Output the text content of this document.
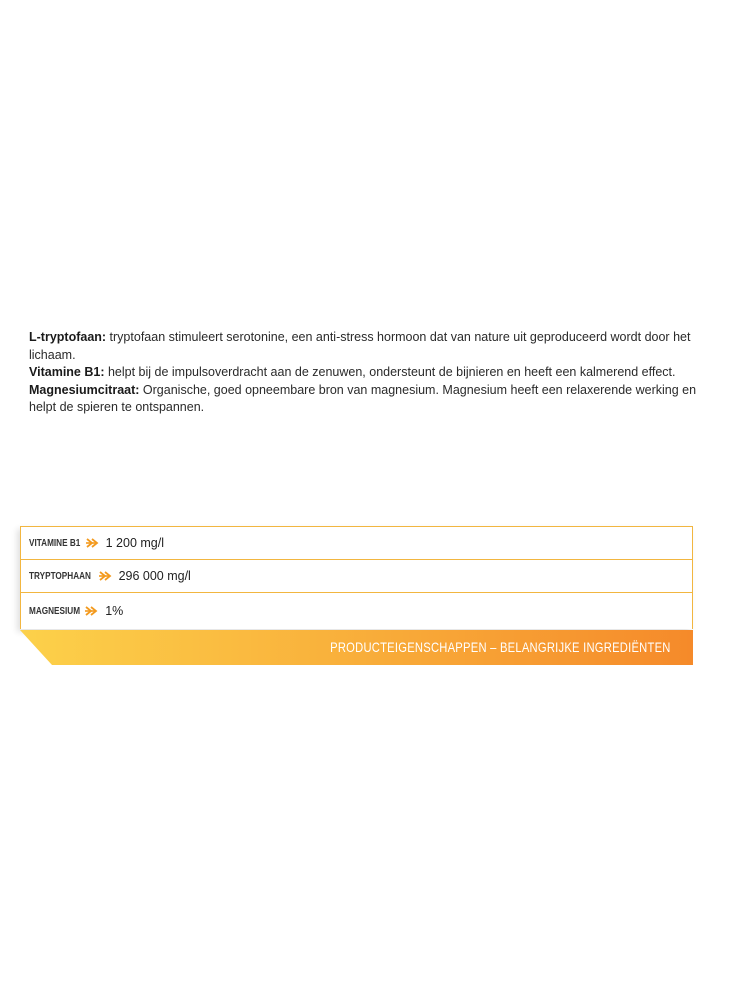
L-tryptofaan: tryptofaan stimuleert serotonine, een anti-stress hormoon dat van nature uit geproduceerd wordt door het lichaam.

Vitamine B1: helpt bij de impulsoverdracht aan de zenuwen, ondersteunt de bijnieren en heeft een kalmerend effect.

Magnesiumcitraat: Organische, goed opneembare bron van magnesium. Magnesium heeft een relaxerende werking en helpt de spieren te ontspannen.

VITAMINE B1 1 200 mg/l
TRYPTOPHAAN 296 000 mg/l
MAGNESIUM 1%
PRODUCTEIGENSCHAPPEN – BELANGRIJKE INGREDIËNTEN
